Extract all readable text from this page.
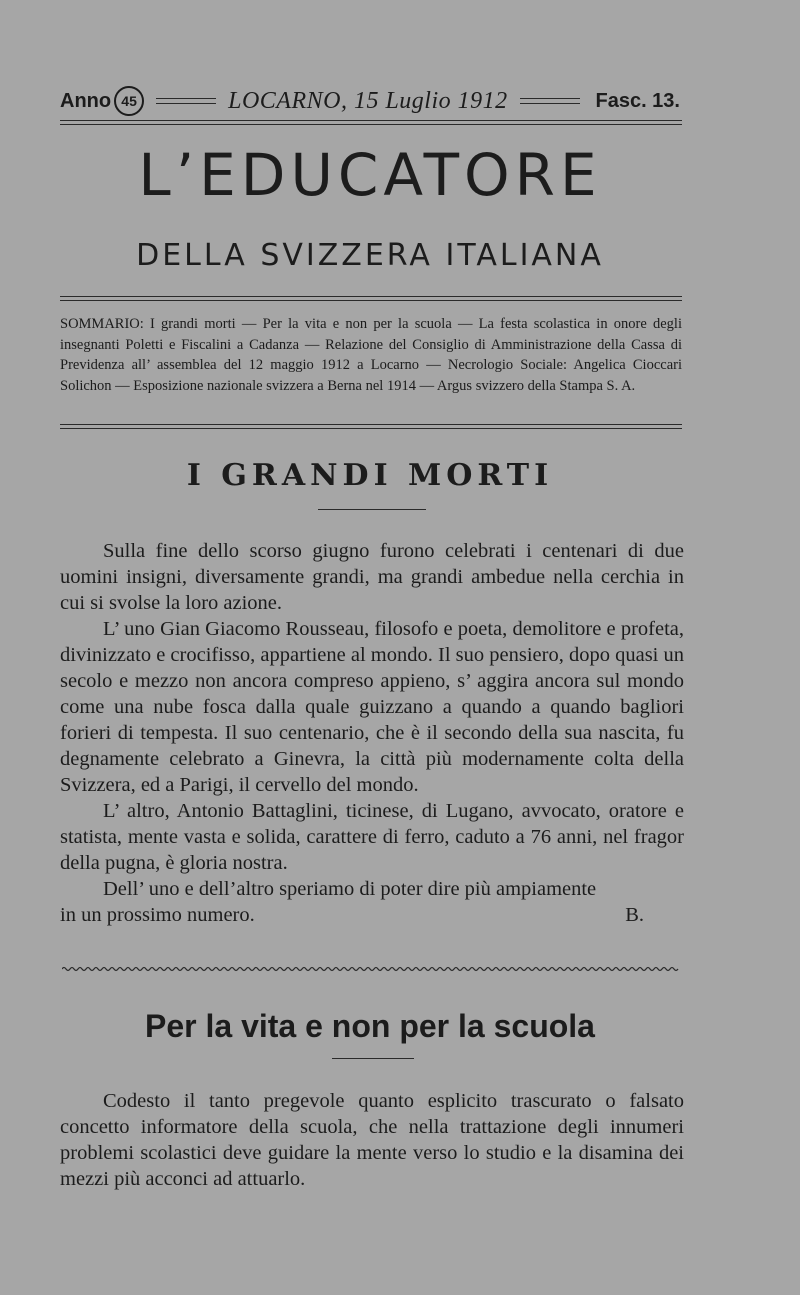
Anno 45	LOCARNO, 15 Luglio 1912	Fasc. 13.
L’EDUCATORE
DELLA SVIZZERA ITALIANA
SOMMARIO: I grandi morti — Per la vita e non per la scuola — La festa scolastica in onore degli insegnanti Poletti e Fiscalini a Cadanza — Relazione del Consiglio di Amministrazione della Cassa di Previdenza all’ assemblea del 12 maggio 1912 a Locarno — Necrologio Sociale: Angelica Cioccari Solichon — Esposizione nazionale svizzera a Berna nel 1914 — Argus svizzero della Stampa S. A.
I GRANDI MORTI

Sulla fine dello scorso giugno furono celebrati i centenari di due uomini insigni, diversamente grandi, ma grandi ambedue nella cerchia in cui si svolse la loro azione.

L’ uno Gian Giacomo Rousseau, filosofo e poeta, demolitore e profeta, divinizzato e crocifisso, appartiene al mondo. Il suo pensiero, dopo quasi un secolo e mezzo non ancora compreso appieno, s’ aggira ancora sul mondo come una nube fosca dalla quale guizzano a quando a quando bagliori forieri di tempesta. Il suo centenario, che è il secondo della sua nascita, fu degnamente celebrato a Ginevra, la città più modernamente colta della Svizzera, ed a Parigi, il cervello del mondo.

L’ altro, Antonio Battaglini, ticinese, di Lugano, avvocato, oratore e statista, mente vasta e solida, carattere di ferro, caduto a 76 anni, nel fragor della pugna, è gloria nostra.

Dell’ uno e dell’altro speriamo di poter dire più ampiamente

in un prossimo numero.	B.
Per la vita e non per la scuola

Codesto il tanto pregevole quanto esplicito trascurato o falsato concetto informatore della scuola, che nella trattazione degli innumeri problemi scolastici deve guidare la mente verso lo studio e la disamina dei mezzi più acconci ad attuarlo.
